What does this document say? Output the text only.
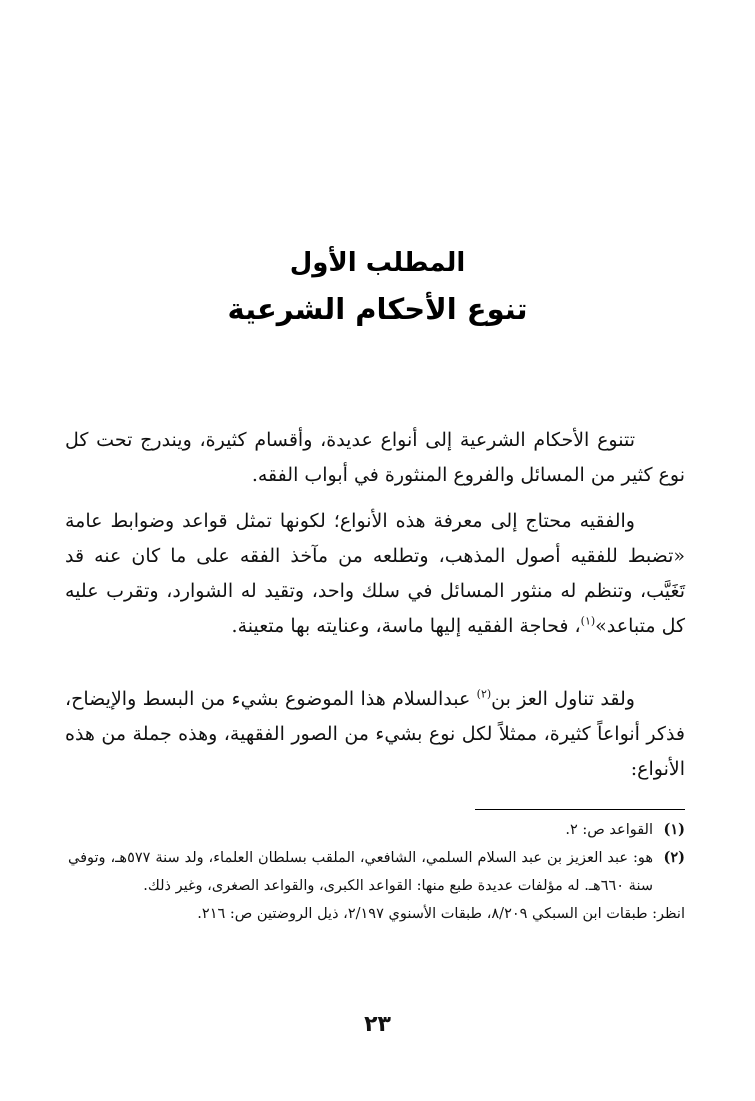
المطلب الأول
تنوع الأحكام الشرعية

تتنوع الأحكام الشرعية إلى أنواع عديدة، وأقسام كثيرة، ويندرج تحت كل نوع كثير من المسائل والفروع المنثورة في أبواب الفقه.

والفقيه محتاج إلى معرفة هذه الأنواع؛ لكونها تمثل قواعد وضوابط عامة «تضبط للفقيه أصول المذهب، وتطلعه من مآخذ الفقه على ما كان عنه قد تَغَيَّب، وتنظم له منثور المسائل في سلك واحد، وتقيد له الشوارد، وتقرب عليه كل متباعد»$^{(١)}$، فحاجة الفقيه إليها ماسة، وعنايته بها متعينة.

ولقد تناول العز بن$^{(٢)}$ عبدالسلام هذا الموضوع بشيء من البسط والإيضاح، فذكر أنواعاً كثيرة، ممثلاً لكل نوع بشيء من الصور الفقهية، وهذه جملة من هذه الأنواع:

(١)
القواعد ص: ٢.
(٢)
هو: عبد العزيز بن عبد السلام السلمي، الشافعي، الملقب بسلطان العلماء، ولد سنة ٥٧٧هـ، وتوفي سنة ٦٦٠هـ. له مؤلفات عديدة طبع منها: القواعد الكبرى، والقواعد الصغرى، وغير ذلك.
انظر: طبقات ابن السبكي ٨/٢٠٩، طبقات الأسنوي ٢/١٩٧، ذيل الروضتين ص: ٢١٦.
٢٣
